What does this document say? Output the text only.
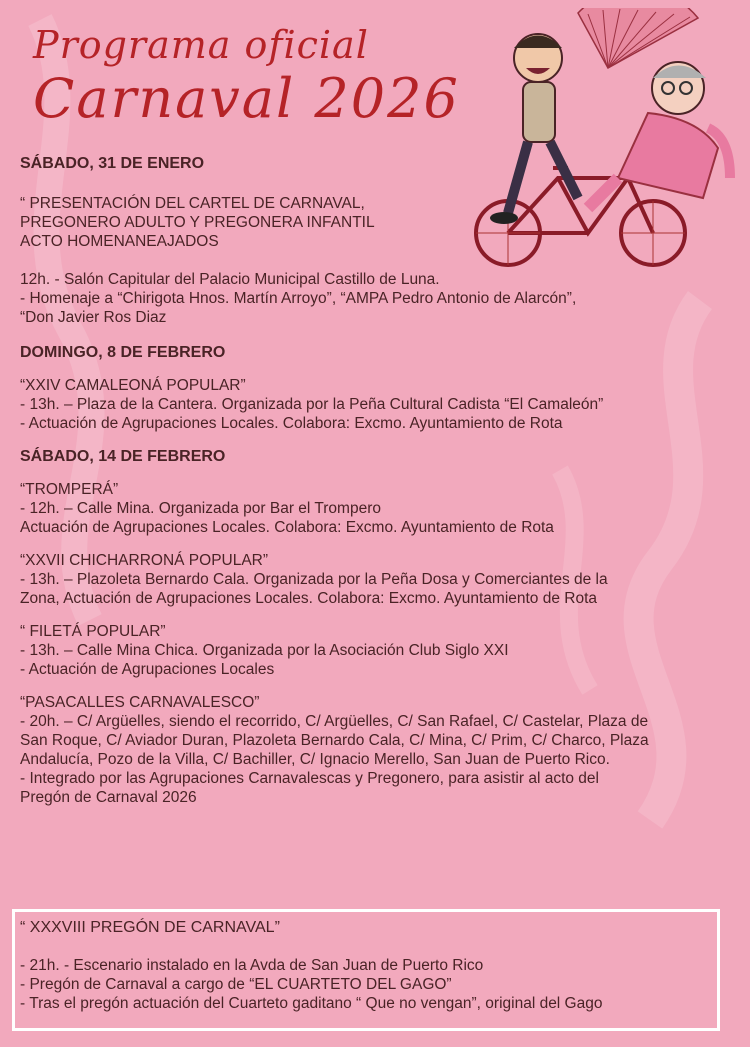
Programa oficial
Carnaval 2026

SÁBADO, 31 DE ENERO

“ PRESENTACIÓN DEL CARTEL DE CARNAVAL,

PREGONERO ADULTO Y PREGONERA INFANTIL

ACTO HOMENANEAJADOS

12h. - Salón Capitular del Palacio Municipal Castillo de Luna.

- Homenaje a “Chirigota Hnos. Martín Arroyo”, “AMPA Pedro Antonio de Alarcón”,

“Don Javier Ros Diaz

DOMINGO, 8 DE FEBRERO

“XXIV CAMALEONÁ POPULAR”

- 13h. – Plaza de la Cantera. Organizada por la Peña Cultural Cadista “El Camaleón”

- Actuación de Agrupaciones Locales. Colabora: Excmo. Ayuntamiento de Rota

SÁBADO, 14 DE FEBRERO

“TROMPERÁ”

- 12h. – Calle Mina. Organizada por Bar el Trompero

Actuación de Agrupaciones Locales. Colabora: Excmo. Ayuntamiento de Rota

“XXVII CHICHARRONÁ POPULAR”

- 13h. – Plazoleta Bernardo Cala. Organizada por la Peña Dosa y Comerciantes de la

Zona, Actuación de Agrupaciones Locales. Colabora: Excmo. Ayuntamiento de Rota

“ FILETÁ POPULAR”

- 13h. – Calle Mina Chica. Organizada por la Asociación Club Siglo XXI

- Actuación de Agrupaciones Locales

“PASACALLES CARNAVALESCO”

- 20h. – C/ Argüelles, siendo el recorrido, C/ Argüelles, C/ San Rafael, C/ Castelar, Plaza de

San Roque, C/ Aviador Duran, Plazoleta Bernardo Cala, C/ Mina, C/ Prim, C/ Charco, Plaza

Andalucía, Pozo de la Villa, C/ Bachiller, C/ Ignacio Merello, San Juan de Puerto Rico.

- Integrado por las Agrupaciones Carnavalescas y Pregonero, para asistir al acto del

Pregón de Carnaval 2026

“ XXXVIII PREGÓN DE CARNAVAL”

- 21h. - Escenario instalado en la Avda de San Juan de Puerto Rico

- Pregón de Carnaval a cargo de “EL CUARTETO DEL GAGO”

- Tras el pregón actuación del Cuarteto gaditano “ Que no vengan”, original del Gago
